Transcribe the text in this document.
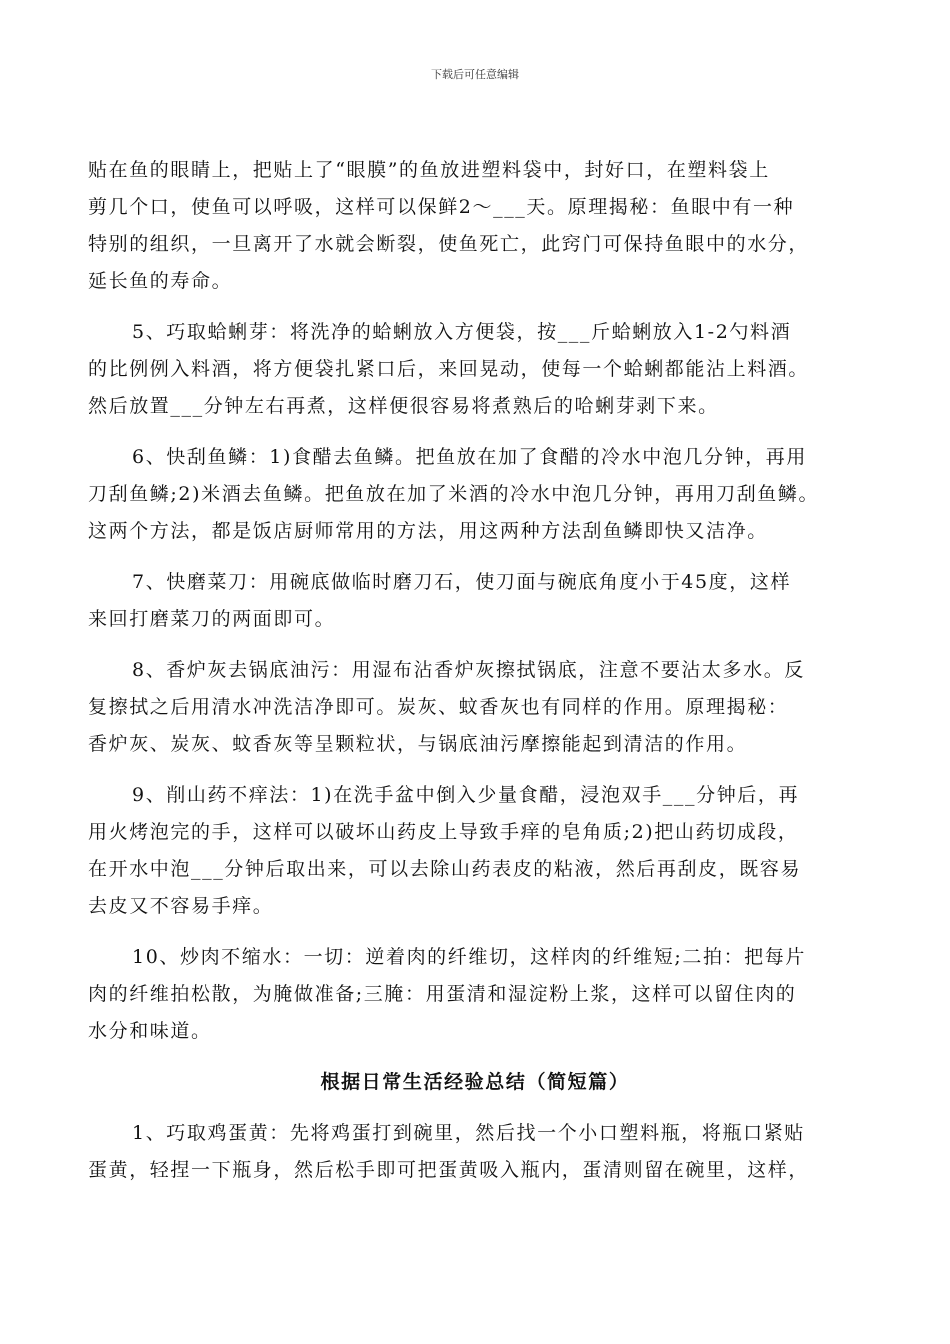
下载后可任意编辑

贴在鱼的眼睛上，把贴上了“眼膜”的鱼放进塑料袋中，封好口，在塑料袋上
剪几个口，使鱼可以呼吸，这样可以保鲜2～___天。原理揭秘：鱼眼中有一种
特别的组织，一旦离开了水就会断裂，使鱼死亡，此窍门可保持鱼眼中的水分，
延长鱼的寿命。

5、巧取蛤蜊芽：将洗净的蛤蜊放入方便袋，按___斤蛤蜊放入1-2勺料酒
的比例例入料酒，将方便袋扎紧口后，来回晃动，使每一个蛤蜊都能沾上料酒。
然后放置___分钟左右再煮，这样便很容易将煮熟后的哈蜊芽剥下来。

6、快刮鱼鳞：1)食醋去鱼鳞。把鱼放在加了食醋的冷水中泡几分钟，再用
刀刮鱼鳞;2)米酒去鱼鳞。把鱼放在加了米酒的冷水中泡几分钟，再用刀刮鱼鳞。
这两个方法，都是饭店厨师常用的方法，用这两种方法刮鱼鳞即快又洁净。

7、快磨菜刀：用碗底做临时磨刀石，使刀面与碗底角度小于45度，这样
来回打磨菜刀的两面即可。

8、香炉灰去锅底油污：用湿布沾香炉灰擦拭锅底，注意不要沾太多水。反
复擦拭之后用清水冲洗洁净即可。炭灰、蚊香灰也有同样的作用。原理揭秘：
香炉灰、炭灰、蚊香灰等呈颗粒状，与锅底油污摩擦能起到清洁的作用。

9、削山药不痒法：1)在洗手盆中倒入少量食醋，浸泡双手___分钟后，再
用火烤泡完的手，这样可以破坏山药皮上导致手痒的皂角质;2)把山药切成段，
在开水中泡___分钟后取出来，可以去除山药表皮的粘液，然后再刮皮，既容易
去皮又不容易手痒。

10、炒肉不缩水：一切：逆着肉的纤维切，这样肉的纤维短;二拍：把每片
肉的纤维拍松散，为腌做准备;三腌：用蛋清和湿淀粉上浆，这样可以留住肉的
水分和味道。

根据日常生活经验总结（简短篇）

1、巧取鸡蛋黄：先将鸡蛋打到碗里，然后找一个小口塑料瓶，将瓶口紧贴
蛋黄，轻捏一下瓶身，然后松手即可把蛋黄吸入瓶内，蛋清则留在碗里，这样，
